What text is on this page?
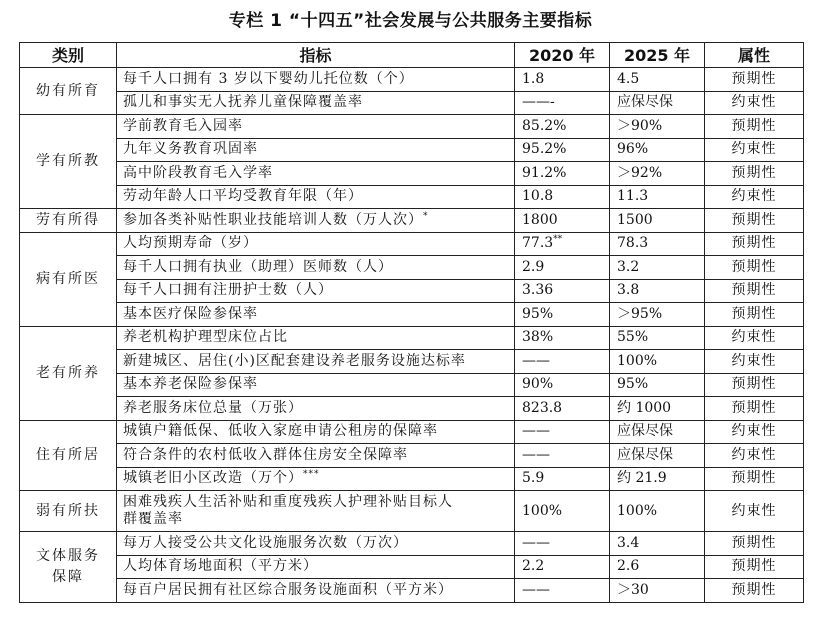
专栏 1 “十四五”社会发展与公共服务主要指标
类别	指标	2020 年	2025 年	属性
幼有所育	每千人口拥有 3 岁以下婴幼儿托位数（个）	1.8	4.5	预期性
	孤儿和事实无人抚养儿童保障覆盖率	——-	应保尽保	约束性
学有所教	学前教育毛入园率	85.2%	＞90%	预期性
	九年义务教育巩固率	95.2%	96%	约束性
	高中阶段教育毛入学率	91.2%	＞92%	预期性
	劳动年龄人口平均受教育年限（年）	10.8	11.3	约束性
劳有所得	参加各类补贴性职业技能培训人数（万人次）*	1800	1500	预期性
病有所医	人均预期寿命（岁）	77.3**	78.3	预期性
	每千人口拥有执业（助理）医师数（人）	2.9	3.2	预期性
	每千人口拥有注册护士数（人）	3.36	3.8	预期性
	基本医疗保险参保率	95%	＞95%	预期性
老有所养	养老机构护理型床位占比	38%	55%	约束性
	新建城区、居住(小)区配套建设养老服务设施达标率	——	100%	约束性
	基本养老保险参保率	90%	95%	预期性
	养老服务床位总量（万张）	823.8	约 1000	预期性
住有所居	城镇户籍低保、低收入家庭申请公租房的保障率	——	应保尽保	约束性
	符合条件的农村低收入群体住房安全保障率	——	应保尽保	约束性
	城镇老旧小区改造（万个）***	5.9	约 21.9	预期性
弱有所扶	困难残疾人生活补贴和重度残疾人护理补贴目标人群覆盖率	100%	100%	约束性
文体服务保障	每万人接受公共文化设施服务次数（万次）	——	3.4	预期性
	人均体育场地面积（平方米）	2.2	2.6	预期性
	每百户居民拥有社区综合服务设施面积（平方米）	——	＞30	预期性
